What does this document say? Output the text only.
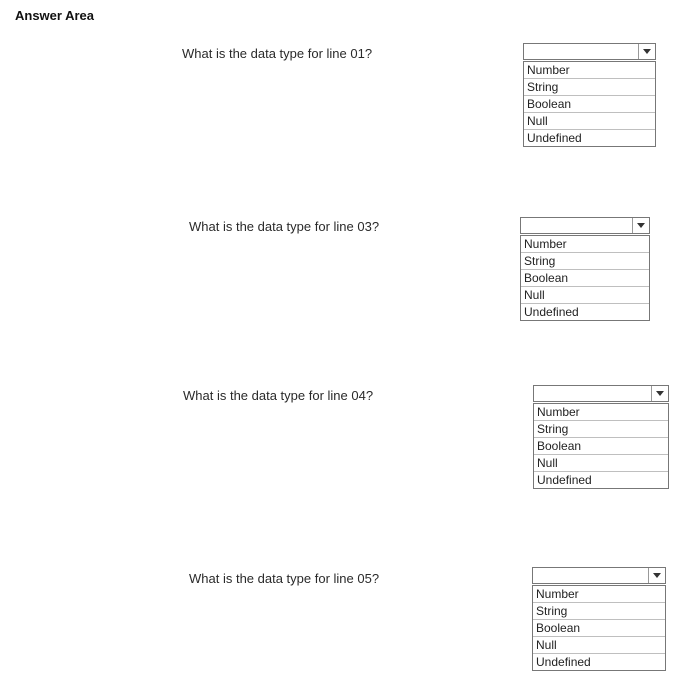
Answer Area
What is the data type for line 01?
Number
String
Boolean
Null
Undefined
What is the data type for line 03?
Number
String
Boolean
Null
Undefined
What is the data type for line 04?
Number
String
Boolean
Null
Undefined
What is the data type for line 05?
Number
String
Boolean
Null
Undefined
